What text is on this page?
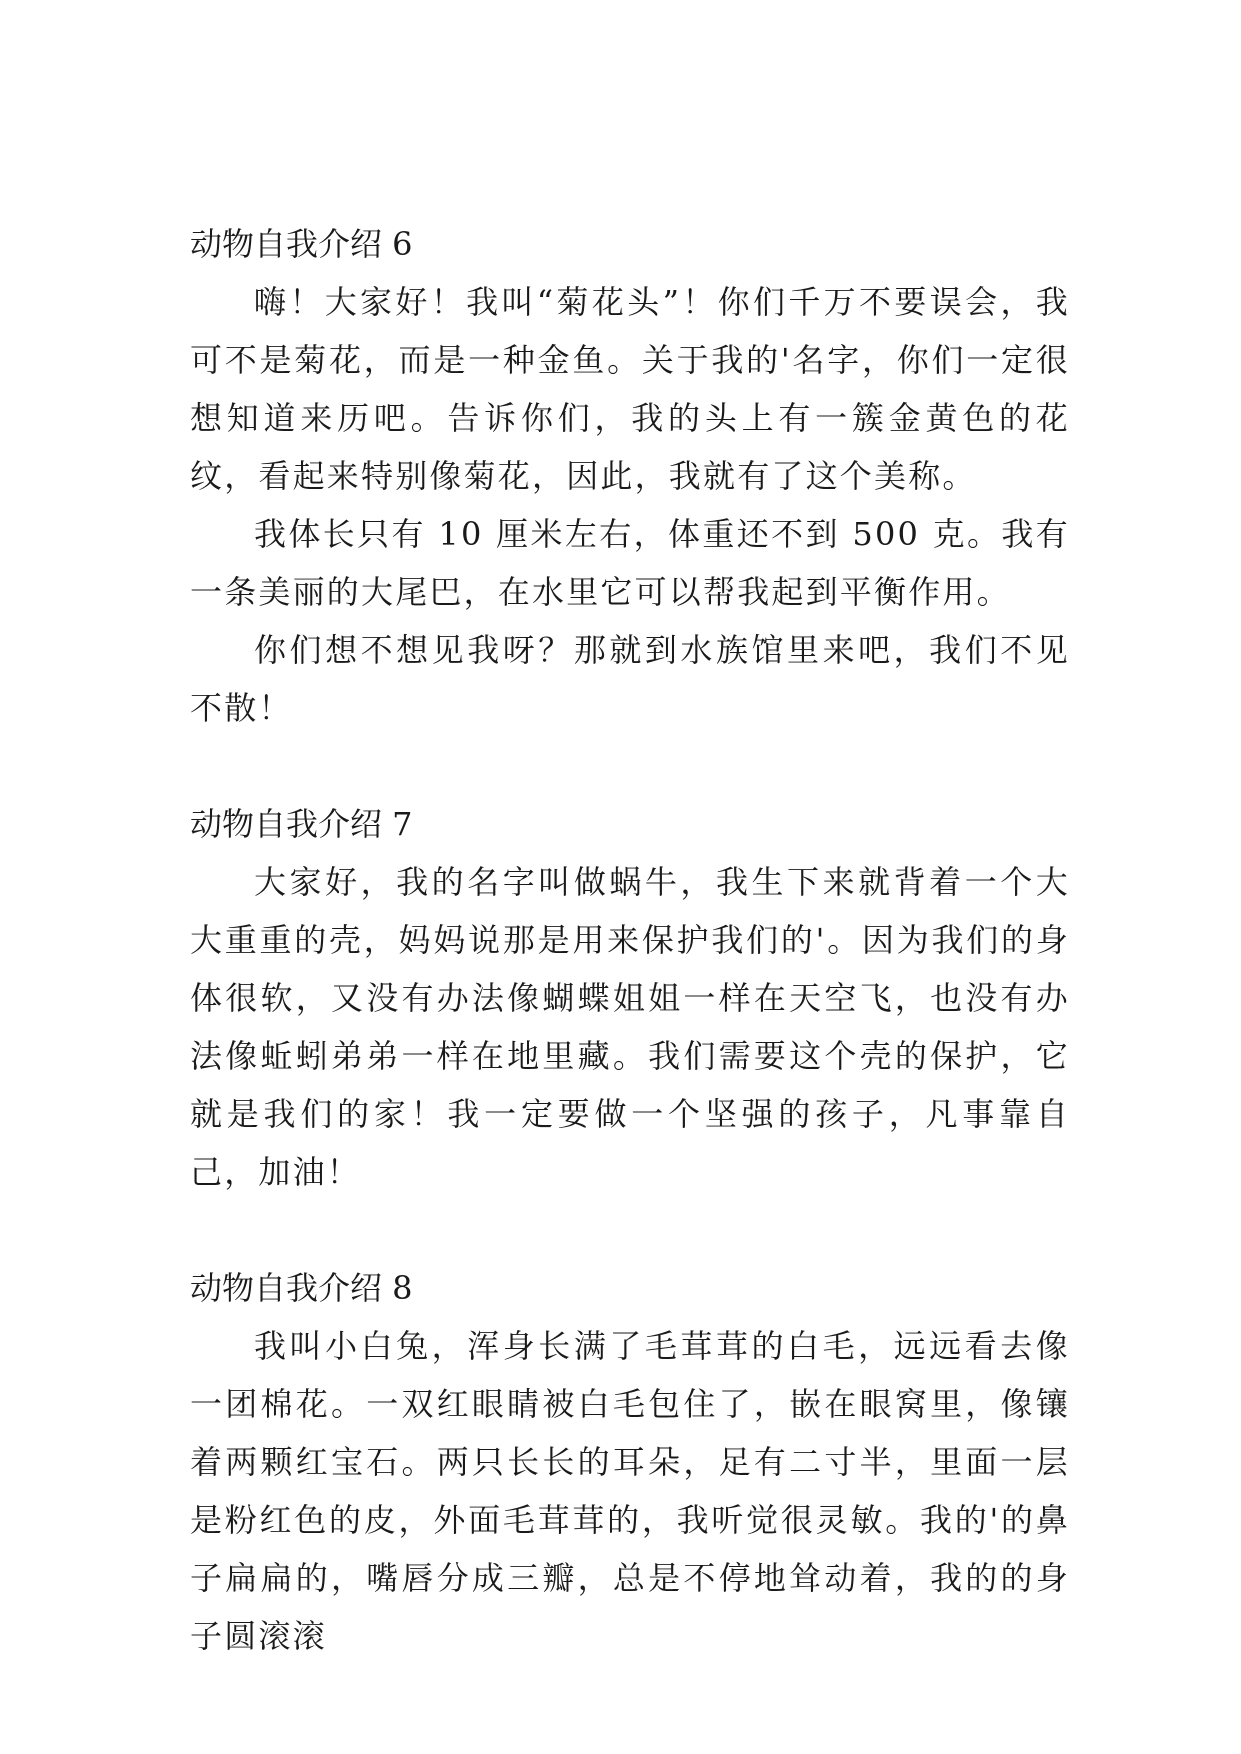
动物自我介绍 6

嗨！大家好！我叫“菊花头”！你们千万不要误会，我可不是菊花，而是一种金鱼。关于我的'名字，你们一定很想知道来历吧。告诉你们，我的头上有一簇金黄色的花纹，看起来特别像菊花，因此，我就有了这个美称。

我体长只有 10 厘米左右，体重还不到 500 克。我有一条美丽的大尾巴，在水里它可以帮我起到平衡作用。

你们想不想见我呀？那就到水族馆里来吧，我们不见不散！

动物自我介绍 7

大家好，我的名字叫做蜗牛，我生下来就背着一个大大重重的壳，妈妈说那是用来保护我们的'。因为我们的身体很软，又没有办法像蝴蝶姐姐一样在天空飞，也没有办法像蚯蚓弟弟一样在地里藏。我们需要这个壳的保护，它就是我们的家！我一定要做一个坚强的孩子，凡事靠自己，加油！

动物自我介绍 8

我叫小白兔，浑身长满了毛茸茸的白毛，远远看去像一团棉花。一双红眼睛被白毛包住了，嵌在眼窝里，像镶着两颗红宝石。两只长长的耳朵，足有二寸半，里面一层是粉红色的皮，外面毛茸茸的，我听觉很灵敏。我的'的鼻子扁扁的，嘴唇分成三瓣，总是不停地耸动着，我的的身子圆滚滚
